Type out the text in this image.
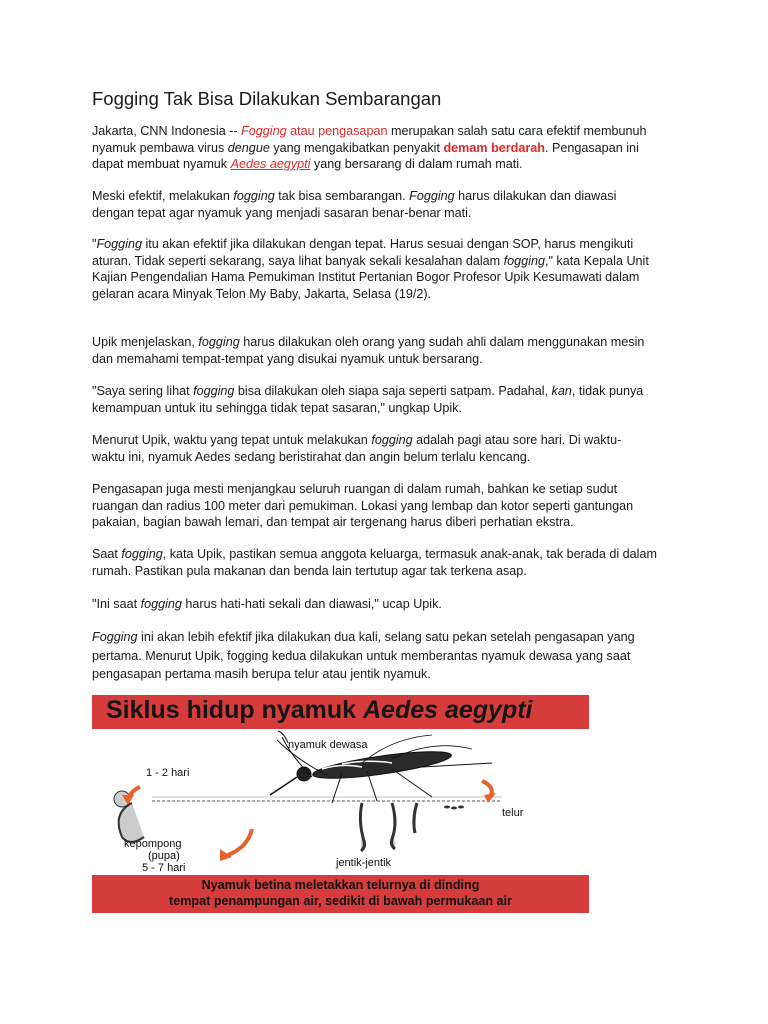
Fogging Tak Bisa Dilakukan Sembarangan

Jakarta, CNN Indonesia -- Fogging atau pengasapan merupakan salah satu cara efektif membunuh
nyamuk pembawa virus dengue yang mengakibatkan penyakit demam berdarah. Pengasapan ini
dapat membuat nyamuk Aedes aegypti yang bersarang di dalam rumah mati.

Meski efektif, melakukan fogging tak bisa sembarangan. Fogging harus dilakukan dan diawasi
dengan tepat agar nyamuk yang menjadi sasaran benar-benar mati.

"Fogging itu akan efektif jika dilakukan dengan tepat. Harus sesuai dengan SOP, harus mengikuti
aturan. Tidak seperti sekarang, saya lihat banyak sekali kesalahan dalam fogging," kata Kepala Unit
Kajian Pengendalian Hama Pemukiman Institut Pertanian Bogor Profesor Upik Kesumawati dalam
gelaran acara Minyak Telon My Baby, Jakarta, Selasa (19/2).

Upik menjelaskan, fogging harus dilakukan oleh orang yang sudah ahli dalam menggunakan mesin
dan memahami tempat-tempat yang disukai nyamuk untuk bersarang.

"Saya sering lihat fogging bisa dilakukan oleh siapa saja seperti satpam. Padahal, kan, tidak punya
kemampuan untuk itu sehingga tidak tepat sasaran," ungkap Upik.

Menurut Upik, waktu yang tepat untuk melakukan fogging adalah pagi atau sore hari. Di waktu-
waktu ini, nyamuk Aedes sedang beristirahat dan angin belum terlalu kencang.

Pengasapan juga mesti menjangkau seluruh ruangan di dalam rumah, bahkan ke setiap sudut
ruangan dan radius 100 meter dari pemukiman. Lokasi yang lembap dan kotor seperti gantungan
pakaian, bagian bawah lemari, dan tempat air tergenang harus diberi perhatian ekstra.

Saat fogging, kata Upik, pastikan semua anggota keluarga, termasuk anak-anak, tak berada di dalam
rumah. Pastikan pula makanan dan benda lain tertutup agar tak terkena asap.

"Ini saat fogging harus hati-hati sekali dan diawasi," ucap Upik.

Fogging ini akan lebih efektif jika dilakukan dua kali, selang satu pekan setelah pengasapan yang
pertama. Menurut Upik, fogging kedua dilakukan untuk memberantas nyamuk dewasa yang saat
pengasapan pertama masih berupa telur atau jentik nyamuk.

Siklus hidup nyamuk Aedes aegypti
nyamuk dewasa
1 - 2 hari
telur
kepompong
(pupa)
jentik-jentik
5 - 7 hari
Nyamuk betina meletakkan telurnya di dinding
tempat penampungan air, sedikit di bawah permukaan air
